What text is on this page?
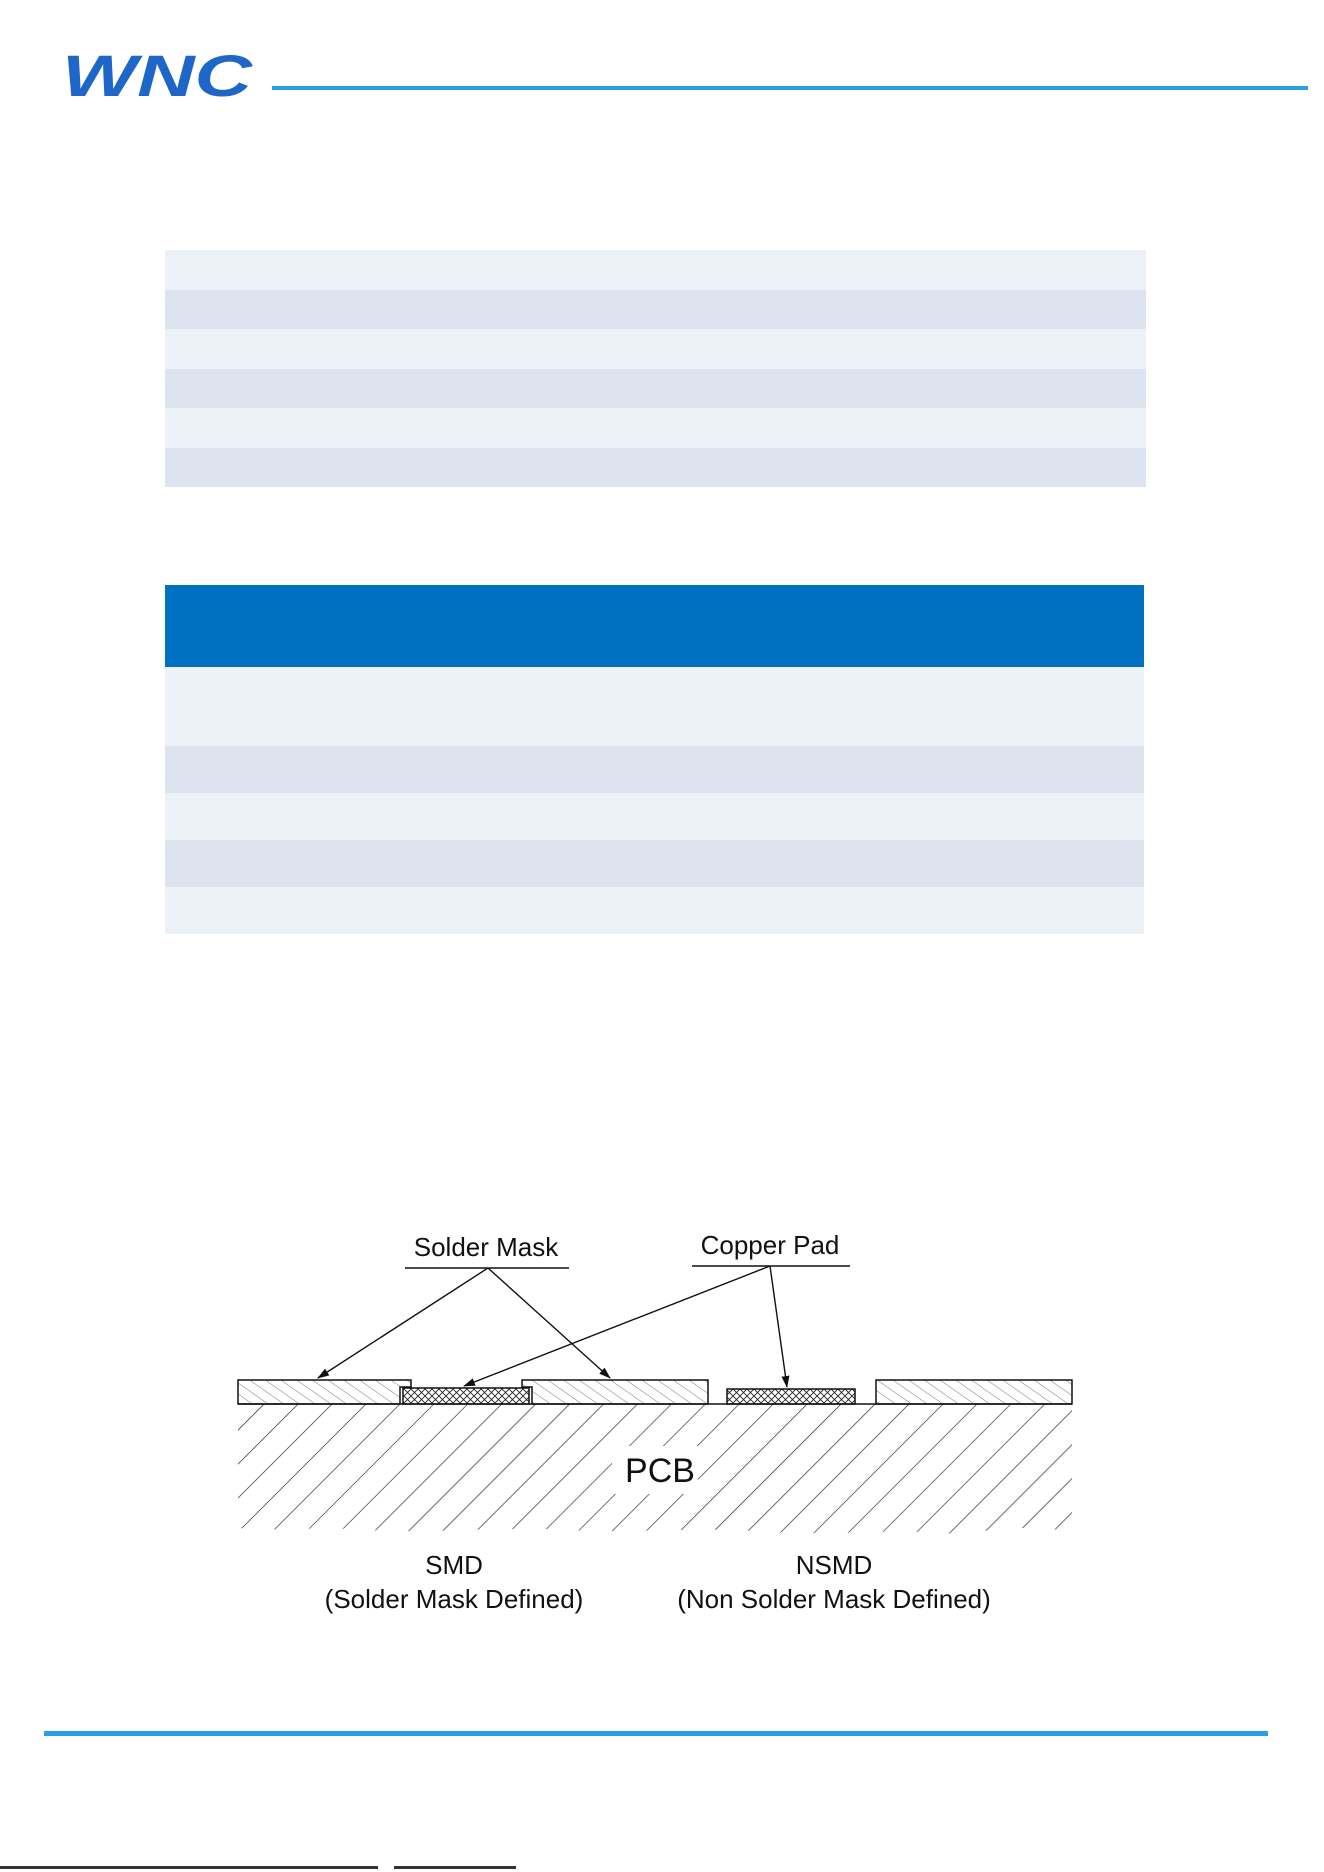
WNC
PCB
Solder Mask	Copper Pad
SMD
(Solder Mask Defined)
NSMD
(Non Solder Mask Defined)
